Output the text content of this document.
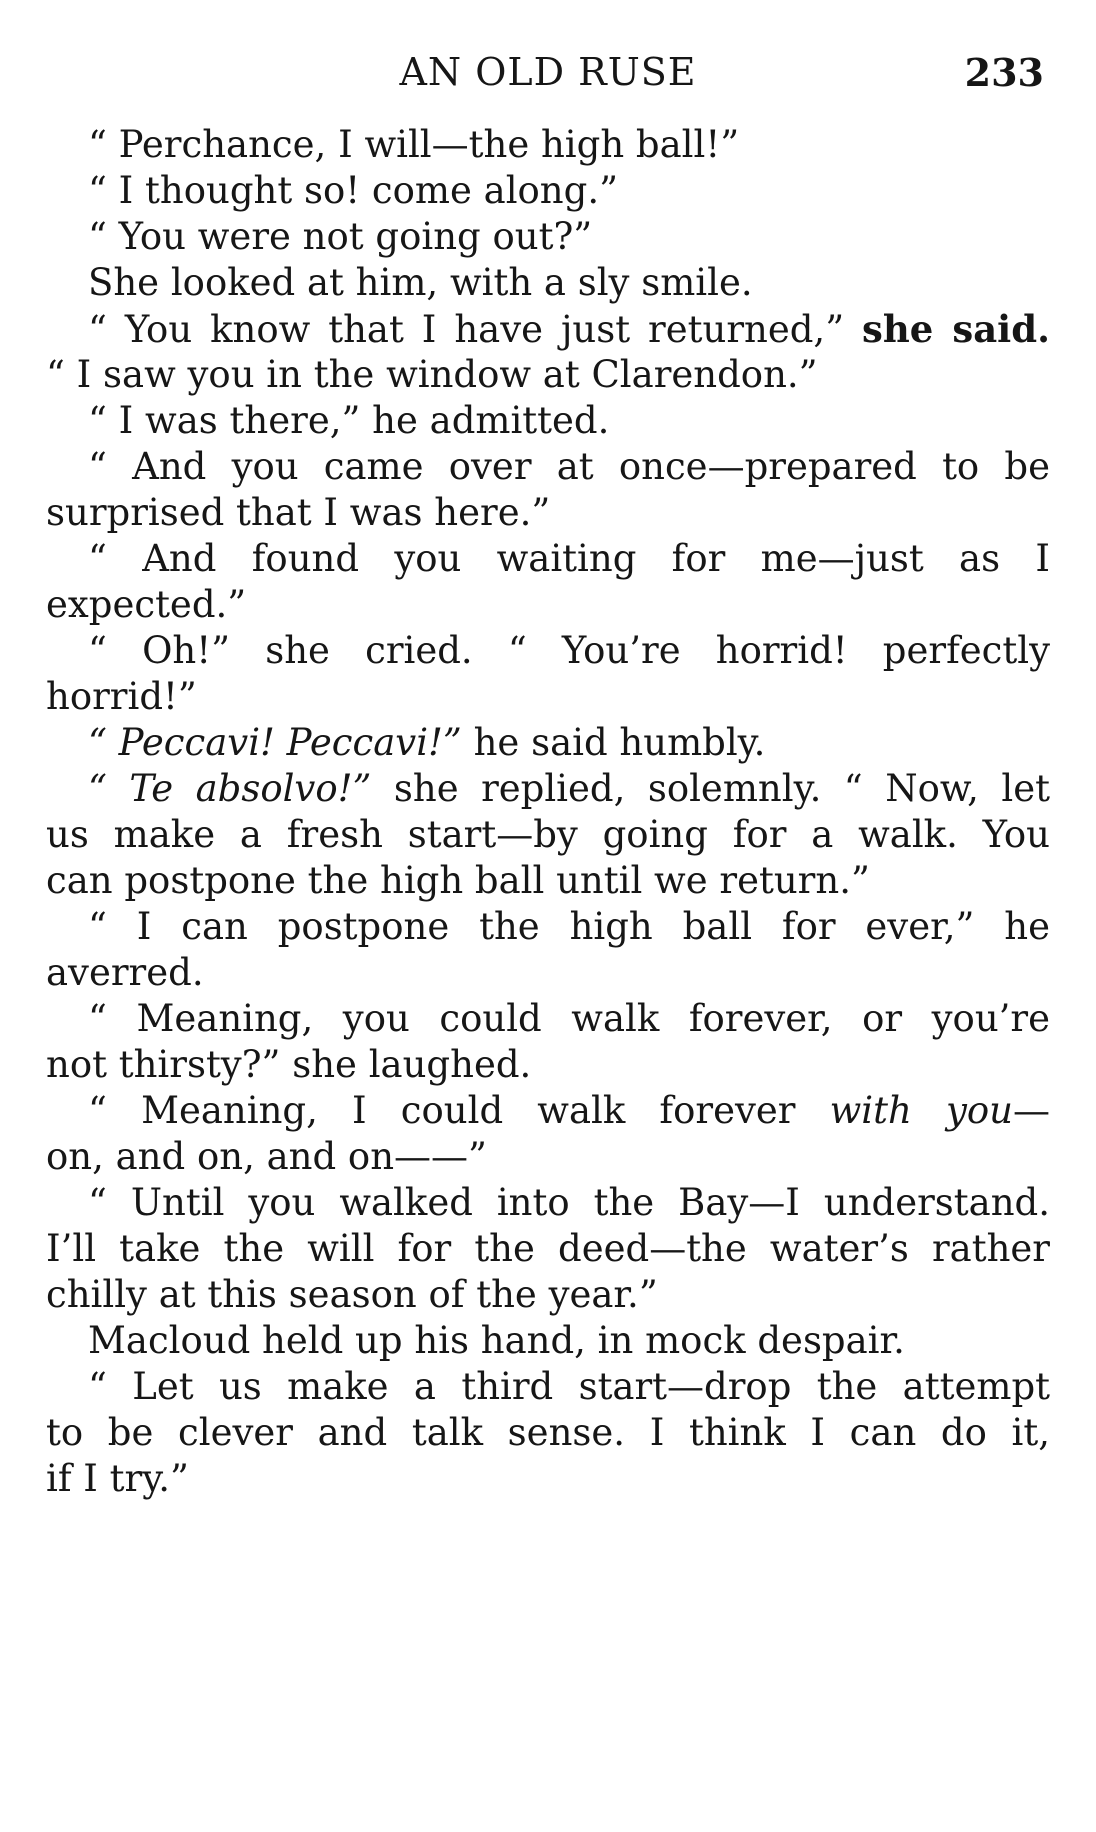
AN OLD RUSE	233
“ Perchance, I will—the high ball!”
“ I thought so! come along.”
“ You were not going out?”
She looked at him, with a sly smile.
“ You know that I have just returned,” she said.
“ I saw you in the window at Clarendon.”
“ I was there,” he admitted.
“ And you came over at once—prepared to be
surprised that I was here.”
“ And found you waiting for me—just as I
expected.”
“ Oh!” she cried. “ You’re horrid! perfectly
horrid!”
“ Peccavi! Peccavi!” he said humbly.
“ Te absolvo!” she replied, solemnly. “ Now, let
us make a fresh start—by going for a walk. You
can postpone the high ball until we return.”
“ I can postpone the high ball for ever,” he
averred.
“ Meaning, you could walk forever, or you’re
not thirsty?” she laughed.
“ Meaning, I could walk forever with you—
on, and on, and on——”
“ Until you walked into the Bay—I understand.
I’ll take the will for the deed—the water’s rather
chilly at this season of the year.”
Macloud held up his hand, in mock despair.
“ Let us make a third start—drop the attempt
to be clever and talk sense. I think I can do it,
if I try.”
